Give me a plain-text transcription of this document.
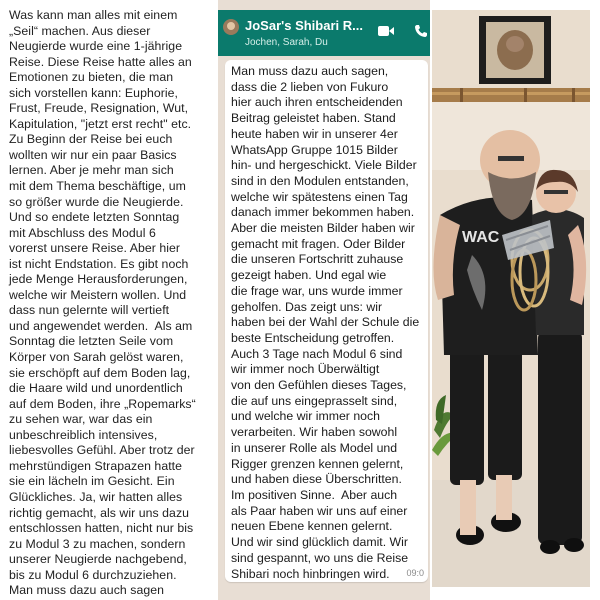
Was kann man alles mit einem
„Seil“ machen. Aus dieser
Neugierde wurde eine 1-jährige
Reise. Diese Reise hatte alles an
Emotionen zu bieten, die man
sich vorstellen kann: Euphorie,
Frust, Freude, Resignation, Wut,
Kapitulation, "jetzt erst recht" etc.
Zu Beginn der Reise bei euch
wollten wir nur ein paar Basics
lernen. Aber je mehr man sich
mit dem Thema beschäftige, um
so größer wurde die Neugierde.
Und so endete letzten Sonntag
mit Abschluss des Modul 6
vorerst unsere Reise. Aber hier
ist nicht Endstation. Es gibt noch
jede Menge Herausforderungen,
welche wir Meistern wollen. Und
dass nun gelernte will vertieft
und angewendet werden.  Als am
Sonntag die letzten Seile vom
Körper von Sarah gelöst waren,
sie erschöpft auf dem Boden lag,
die Haare wild und unordentlich
auf dem Boden, ihre „Ropemarks“
zu sehen war, war das ein
unbeschreiblich intensives,
liebesvolles Gefühl. Aber trotz der
mehrstündigen Strapazen hatte
sie ein lächeln im Gesicht. Ein
Glückliches. Ja, wir hatten alles
richtig gemacht, als wir uns dazu
entschlossen hatten, nicht nur bis
zu Modul 3 zu machen, sondern
unserer Neugierde nachgebend,
bis zu Modul 6 durchzuziehen.
Man muss dazu auch sagen
JoSar's Shibari R...
Jochen, Sarah, Du
Man muss dazu auch sagen,
dass die 2 lieben von Fukuro
hier auch ihren entscheidenden
Beitrag geleistet haben. Stand
heute haben wir in unserer 4er
WhatsApp Gruppe 1015 Bilder
hin- und hergeschickt. Viele Bilder
sind in den Modulen entstanden,
welche wir spätestens einen Tag
danach immer bekommen haben.
Aber die meisten Bilder haben wir
gemacht mit fragen. Oder Bilder
die unseren Fortschritt zuhause
gezeigt haben. Und egal wie
die frage war, uns wurde immer
geholfen. Das zeigt uns: wir
haben bei der Wahl der Schule die
beste Entscheidung getroffen.
Auch 3 Tage nach Modul 6 sind
wir immer noch Überwältigt
von den Gefühlen dieses Tages,
die auf uns eingeprasselt sind,
und welche wir immer noch
verarbeiten. Wir haben sowohl
in unserer Rolle als Model und
Rigger grenzen kennen gelernt,
und haben diese Überschritten.
Im positiven Sinne.  Aber auch
als Paar haben wir uns auf einer
neuen Ebene kennen gelernt.
Und wir sind glücklich damit. Wir
sind gespannt, wo uns die Reise
Shibari noch hinbringen wird.	09:0
WAC
